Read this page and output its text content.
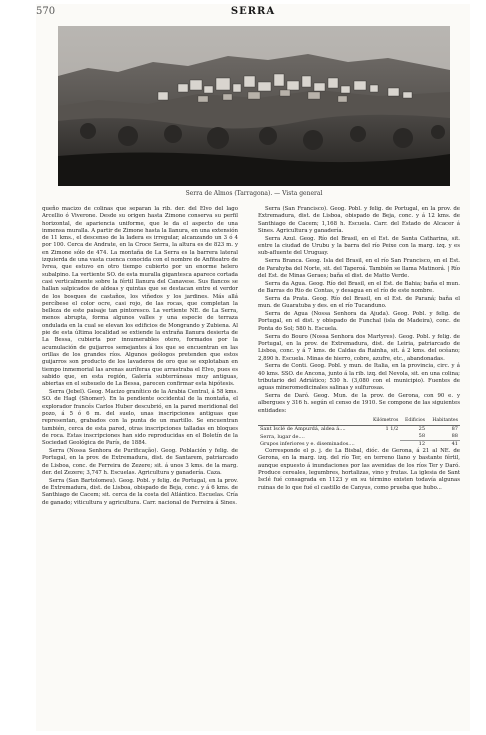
570	SERRA
Serra de Almos (Tarragona). — Vista general

queño macizo de colinas que separan la rib. der. del Elvo del lago Arcellio ó Viverone. Desde su origen hasta Zimone conserva su perfil horizontal, de apariencia uniforme, que le da el aspecto de una inmensa muralla. A partir de Zimone hasta la llanura, en una extensión de 11 kms., el descenso de la ladera es irregular, alcanzando un 3 ó 4 por 100. Cerca de Andrate, en la Croce Serra, la altura es de 823 m. y en Zimone sólo de 474. La montaña de La Serra es la barrera lateral izquierda de una vasta cuenca conocida con el nombre de Anfiteatro de Ivrea, que estuvo en otro tiempo cubierto por un enorme helero subalpino. La vertiente SO. de esta muralla gigantesca aparece cortada casi verticalmente sobre la fértil llanura del Canavese. Sus flancos se hallan salpicados de aldeas y quintas que se destacan entre el verdor de los bosques de castaños, los viñedos y los jardines. Más allá percíbese el color ocre, casi rojo, de las rocas, que completan la belleza de este paisaje tan pintoresco. La vertiente NE. de La Serra, menos abrupta, forma algunos valles y una especie de terraza ondulada en la cual se elevan los edificios de Mongrando y Zubiena. Al pie de esta última localidad se extiende la extraña llanura desierta de La Bessa, cubierta por innumerables otero, formados por la acumulación de guijarros semejantes á los que se encuentran en las orillas de los grandes ríos. Algunos geólogos pretenden que estos guijarros son producto de los lavaderos de oro que se explotaban en tiempo inmemorial las arenas auríferas que arrastraba el Elvo, pues es sabido que, en esta región, Galería subterráneas muy antiguas, abiertas en el subsuelo de La Bessa, parecen confirmar esta hipótesis.

Serra (Jebel). Geog. Macizo granítico de la Arabia Central, á 58 kms. SO. de Hagl (Shomer). En la pendiente occidental de la montaña, el explorador francés Carlos Huber descubrió, en la pared meridional del pozo, á 5 ó 6 m. del suelo, unas inscripciones antiguas que representan, grabados con la punta de un martillo. Se encuentran también, cerca de esta pared, otras inscripciones talladas en bloques de roca. Estas inscripciones han sido reproducidas en el Boletín de la Sociedad Geológica de París, de 1884.

Serra (Nossa Senhora de Purificação). Geog. Población y felig. de Portugal, en la prov. de Extremadura, dist. de Santarem, patriarcado de Lisboa, conc. de Ferreira de Zezere; sit. á unos 3 kms. de la marg. der. del Zezere; 3,747 h. Escuelas. Agricultura y ganadería. Caza.

Serra (San Bartolomeu). Geog. Pobl. y felig. de Portugal, en la prov. de Extremadura, dist. de Lisboa, obispado de Beja, conc. y á 6 kms. de Santhiago de Cacem; sit. cerca de la costa del Atlántico. Escuelas. Cría de ganado; viticultura y agricultura. Carr. nacional de Ferreira á Sines.

Serra (San Francisco). Geog. Pobl. y felig. de Portugal, en la prov. de Extremadura, dist. de Lisboa, obispado de Beja, conc. y á 12 kms. de Santhiago de Cacem; 1,168 h. Escuela. Carr. del Estado de Alcacer á Sines. Agricultura y ganadería.

Serra Azul. Geog. Río del Brasil, en el Est. de Santa Catharina, sit. entre la ciudad de Urubu y la barra del río Peixe con la marg. izq. y es sub-afluente del Uruguay.

Serra Branca. Geog. Isla del Brasil, en el río San Francisco, en el Est. de Parahyba del Norte, sit. del Taperoá. También se llama Matinorá. | Río del Est. de Minas Geraes; baña el dist. de Matto Verde.

Serra da Agua. Geog. Río del Brasil, en el Est. de Bahia; baña el mun. de Barras do Rio de Contas, y desagua en el río de este nombre.

Serra da Prata. Geog. Río del Brasil, en el Est. de Paraná; baña el mun. de Guaratuba y des. en el río Tucanduno.

Serra de Agua (Nossa Senhora da Ajuda). Geog. Pobl. y felig. de Portugal, en el dist. y obispado de Funchal (isla de Madeira), conc. de Ponta do Sol; 580 h. Escuela.

Serra do Bouro (Nossa Senhora dos Martyres). Geog. Pobl. y felig. de Portugal, en la prov. de Extremadura, dist. de Leiria, patriarcado de Lisboa, conc. y á 7 kms. de Caldas da Rainha, sit. á 2 kms. del océano; 2,890 h. Escuela. Minas de hierro, cobre, azufre, etc., abandonadas.

Serra de Conti. Geog. Pobl. y mun. de Italia, en la provincia, circ. y á 40 kms. SSO. de Ancona, junto á la rib. izq. del Nevola, sit. en una colina; tributario del Adriático; 530 h. (3,080 con el municipio). Fuentes de aguas mineromedicinales salinas y sulfurosas.

Serra de Daró. Geog. Mun. de la prov. de Gerona, con 90 e. y albergues y 316 h. según el censo de 1910. Se compone de las siguientes entidades:

	Kilómetros	Edificios	Habitantes
Sant Isclé de Ampurdá, aldea á....	1 1/2	25	87
Serra, lugar de....		58	88
Grupos inferiores y e. diseminados....		12	41

Corresponde el p. j. de La Bisbal, dióc. de Gerona, á 21 al NE. de Gerona, en la marg. izq. del río Ter, en terreno llano y bastante fértil, aunque expuesto á inundaciones por las avenidas de los ríos Ter y Daró. Produce cereales, legumbres, hortalizas, vino y frutas. La iglesia de Sant Isclé fué consagrada en 1123 y en su término existen todavía algunas ruinas de lo que fué el castillo de Canyus, como prueba que hubo...
